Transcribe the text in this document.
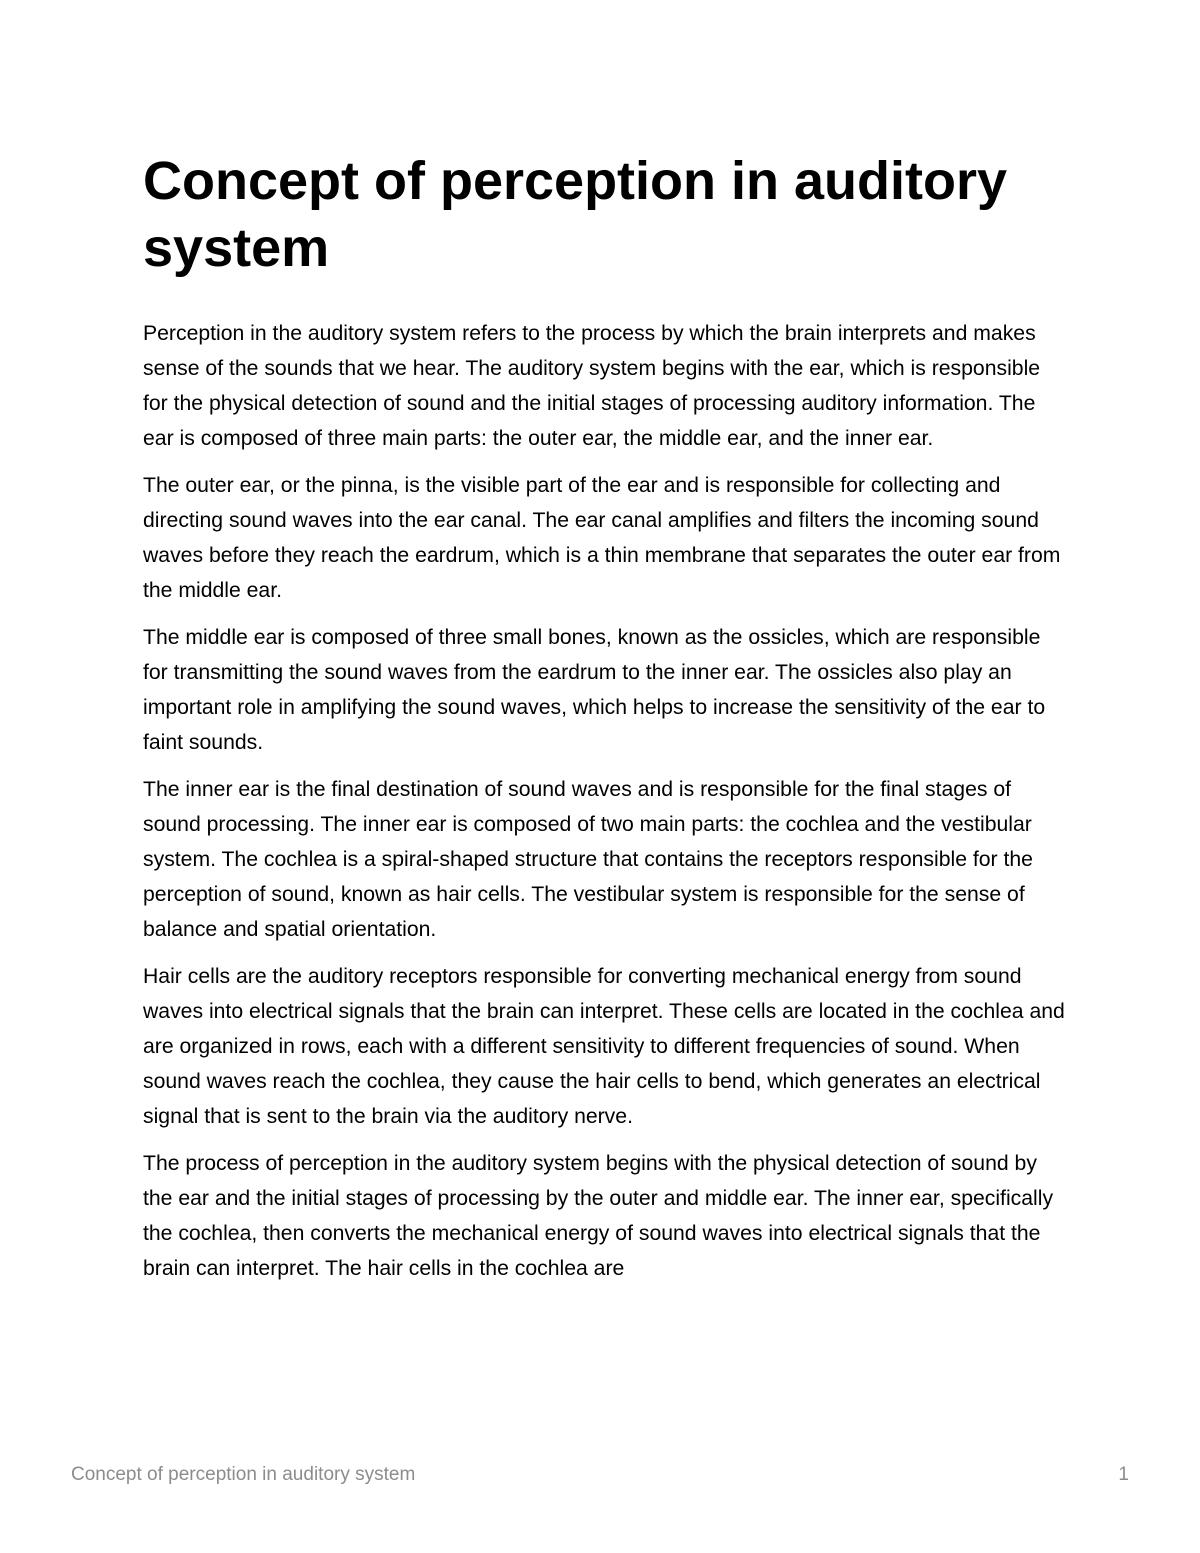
Concept of perception in auditory system

Perception in the auditory system refers to the process by which the brain interprets and makes sense of the sounds that we hear. The auditory system begins with the ear, which is responsible for the physical detection of sound and the initial stages of processing auditory information. The ear is composed of three main parts: the outer ear, the middle ear, and the inner ear.

The outer ear, or the pinna, is the visible part of the ear and is responsible for collecting and directing sound waves into the ear canal. The ear canal amplifies and filters the incoming sound waves before they reach the eardrum, which is a thin membrane that separates the outer ear from the middle ear.

The middle ear is composed of three small bones, known as the ossicles, which are responsible for transmitting the sound waves from the eardrum to the inner ear. The ossicles also play an important role in amplifying the sound waves, which helps to increase the sensitivity of the ear to faint sounds.

The inner ear is the final destination of sound waves and is responsible for the final stages of sound processing. The inner ear is composed of two main parts: the cochlea and the vestibular system. The cochlea is a spiral-shaped structure that contains the receptors responsible for the perception of sound, known as hair cells. The vestibular system is responsible for the sense of balance and spatial orientation.

Hair cells are the auditory receptors responsible for converting mechanical energy from sound waves into electrical signals that the brain can interpret. These cells are located in the cochlea and are organized in rows, each with a different sensitivity to different frequencies of sound. When sound waves reach the cochlea, they cause the hair cells to bend, which generates an electrical signal that is sent to the brain via the auditory nerve.

The process of perception in the auditory system begins with the physical detection of sound by the ear and the initial stages of processing by the outer and middle ear. The inner ear, specifically the cochlea, then converts the mechanical energy of sound waves into electrical signals that the brain can interpret. The hair cells in the cochlea are

Concept of perception in auditory system	1
